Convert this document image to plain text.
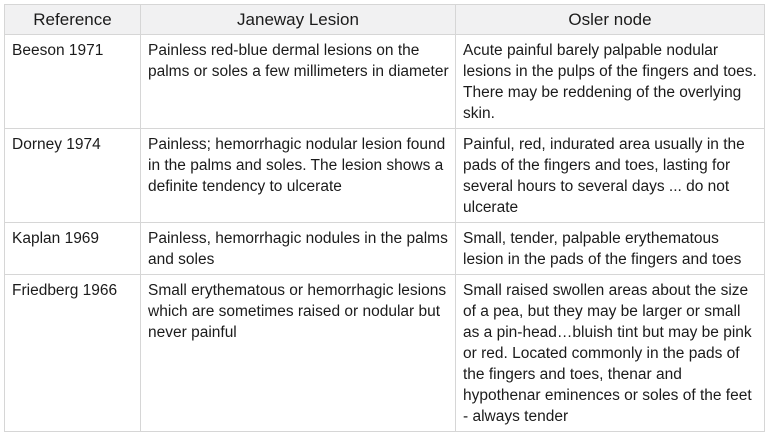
Reference	Janeway Lesion	Osler node
Beeson 1971	Painless red-blue dermal lesions on the palms or soles a few millimeters in diameter	Acute painful barely palpable nodular lesions in the pulps of the fingers and toes. There may be reddening of the overlying skin.
Dorney 1974	Painless; hemorrhagic nodular lesion found in the palms and soles. The lesion shows a definite tendency to ulcerate	Painful, red, indurated area usually in the pads of the fingers and toes, lasting for several hours to several days ... do not ulcerate
Kaplan 1969	Painless, hemorrhagic nodules in the palms and soles	Small, tender, palpable erythematous lesion in the pads of the fingers and toes
Friedberg 1966	Small erythematous or hemorrhagic lesions which are sometimes raised or nodular but never painful	Small raised swollen areas about the size of a pea, but they may be larger or small as a pin-head…bluish tint but may be pink or red. Located commonly in the pads of the fingers and toes, thenar and hypothenar eminences or soles of the feet - always tender
